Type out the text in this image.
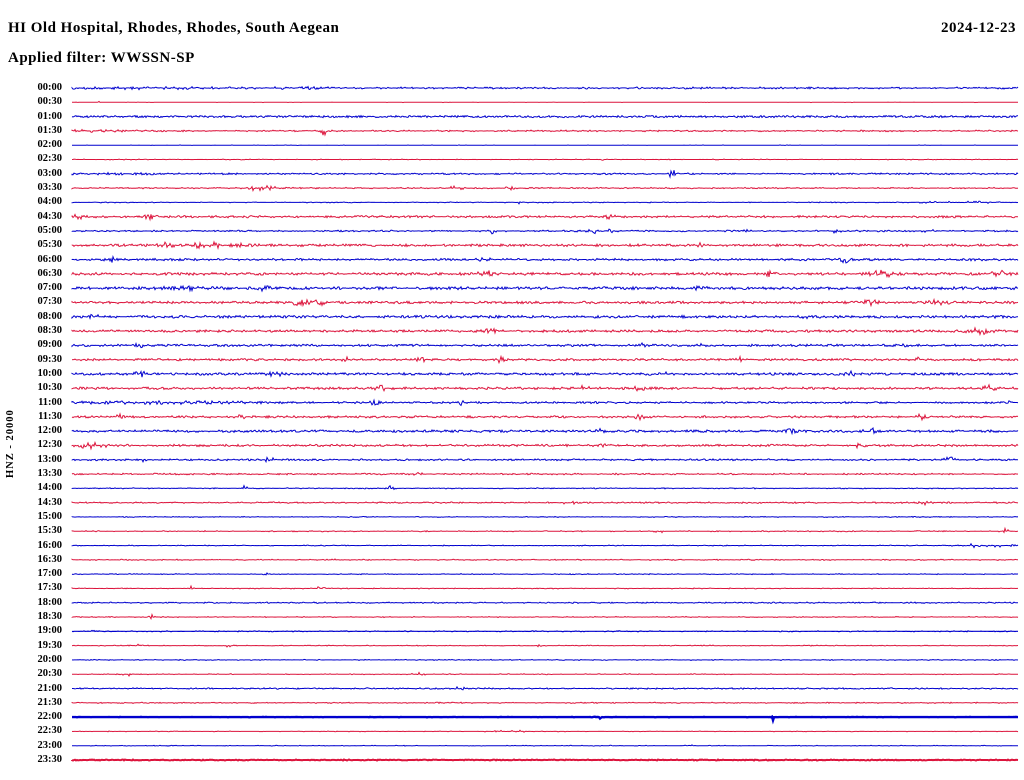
HI Old Hospital, Rhodes, Rhodes, South Aegean	2024-12-23
Applied filter: WWSSN-SP
HNZ - 20000
00:00
00:30
01:00
01:30
02:00
02:30
03:00
03:30
04:00
04:30
05:00
05:30
06:00
06:30
07:00
07:30
08:00
08:30
09:00
09:30
10:00
10:30
11:00
11:30
12:00
12:30
13:00
13:30
14:00
14:30
15:00
15:30
16:00
16:30
17:00
17:30
18:00
18:30
19:00
19:30
20:00
20:30
21:00
21:30
22:00
22:30
23:00
23:30
